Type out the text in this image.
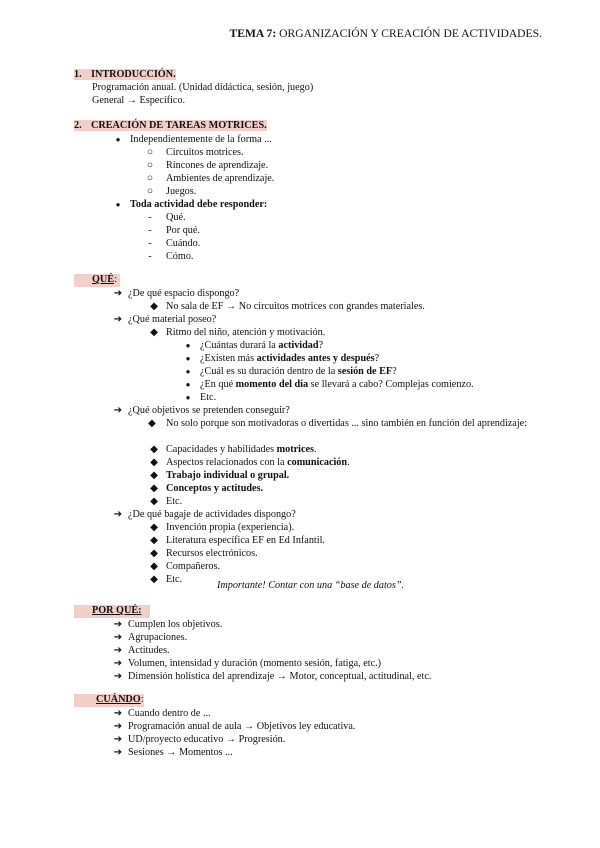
TEMA 7: ORGANIZACIÓN Y CREACIÓN DE ACTIVIDADES.
1. INTRODUCCIÓN.
Programación anual. (Unidad didáctica, sesión, juego)
General → Específico.
2. CREACIÓN DE TAREAS MOTRICES.
● Independientemente de la forma ...
○ Circuitos motrices.
○ Rincones de aprendizaje.
○ Ambientes de aprendizaje.
○ Juegos.
● Toda actividad debe responder:
- Qué.
- Por qué.
- Cuándo.
- Cómo.
QUÉ:
➔ ¿De qué espacio dispongo?
◆ No sala de EF → No circuitos motrices con grandes materiales.
➔ ¿Qué material poseo?
◆ Ritmo del niño, atención y motivación.
● ¿Cuántas durará la actividad?
● ¿Existen más actividades antes y después?
● ¿Cuál es su duración dentro de la sesión de EF?
● ¿En qué momento del día se llevará a cabo? Complejas comienzo.
● Etc.
➔ ¿Qué objetivos se pretenden conseguir?
◆ No solo porque son motivadoras o divertidas ... sino también en función del aprendizaje:
◆ Capacidades y habilidades motrices.
◆ Aspectos relacionados con la comunicación.
◆ Trabajo individual o grupal.
◆ Conceptos y actitudes.
◆ Etc.
➔ ¿De qué bagaje de actividades dispongo?
◆ Invención propia (experiencia).
◆ Literatura específica EF en Ed Infantil.
◆ Recursos electrónicos.
◆ Compañeros.
◆ Etc.
Importante! Contar con una “base de datos”.
POR QUÉ:
➔ Cumplen los objetivos.
➔ Agrupaciones.
➔ Actitudes.
➔ Volumen, intensidad y duración (momento sesión, fatiga, etc.)
➔ Dimensión holística del aprendizaje → Motor, conceptual, actitudinal, etc.
CUÁNDO:
➔ Cuando dentro de ...
➔ Programación anual de aula → Objetivos ley educativa.
➔ UD/proyecto educativo → Progresión.
➔ Sesiones → Momentos ...
